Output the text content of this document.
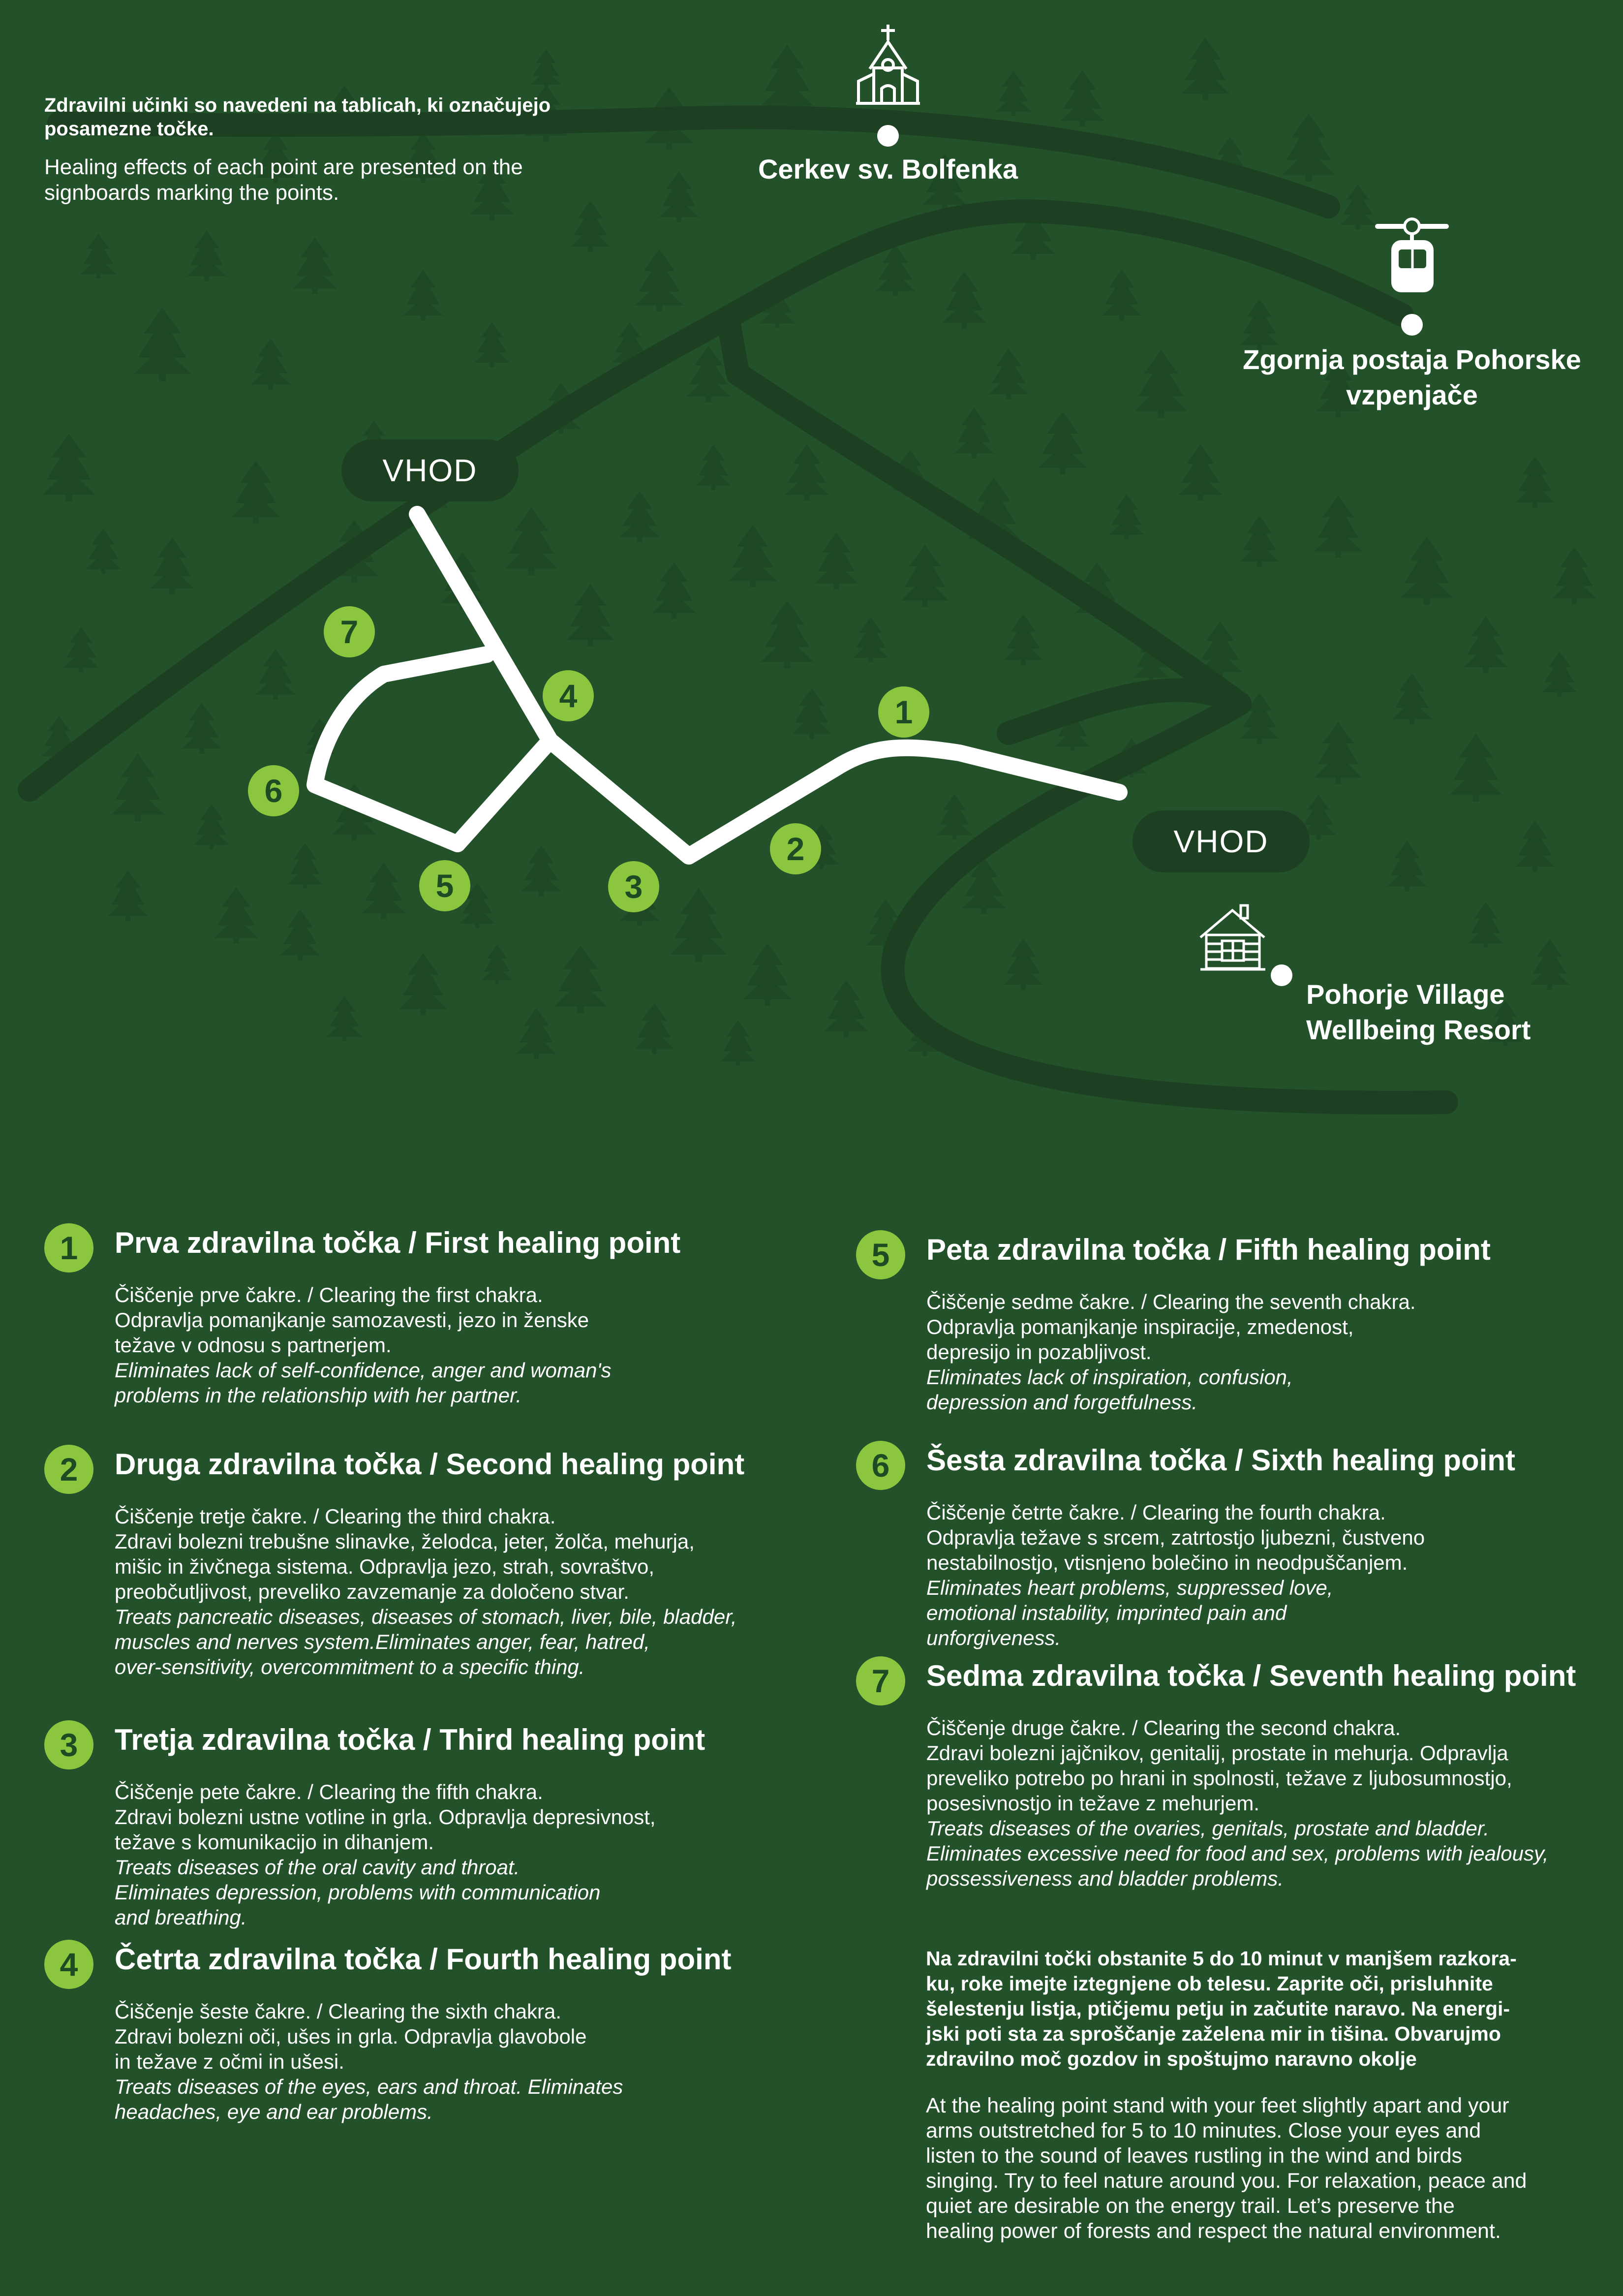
Zdravilni učinki so navedeni na tablicah, ki označujejo posamezne točke.

Healing effects of each point are presented on the signboards marking the points.

Cerkev sv. Bolfenka
Zgornja postaja Pohorske
vzpenjače
Pohorje Village
Wellbeing Resort
VHOD
VHOD
1
2
3
4
5
6
7
1	Prva zdravilna točka / First healing point

Čiščenje prve čakre. / Clearing the first chakra.
Odpravlja pomanjkanje samozavesti, jezo in ženske
težave v odnosu s partnerjem.

Eliminates lack of self-confidence, anger and woman's
problems in the relationship with her partner.

2	Druga zdravilna točka / Second healing point

Čiščenje tretje čakre. / Clearing the third chakra.
Zdravi bolezni trebušne slinavke, želodca, jeter, žolča, mehurja,
mišic in živčnega sistema. Odpravlja jezo, strah, sovraštvo,
preobčutljivost, preveliko zavzemanje za določeno stvar.

Treats pancreatic diseases, diseases of stomach, liver, bile, bladder,
muscles and nerves system.Eliminates anger, fear, hatred,
over-sensitivity, overcommitment to a specific thing.

3	Tretja zdravilna točka / Third healing point

Čiščenje pete čakre. / Clearing the fifth chakra.
Zdravi bolezni ustne votline in grla. Odpravlja depresivnost,
težave s komunikacijo in dihanjem.

Treats diseases of the oral cavity and throat.
Eliminates depression, problems with communication
and breathing.

4	Četrta zdravilna točka / Fourth healing point

Čiščenje šeste čakre. / Clearing the sixth chakra.
Zdravi bolezni oči, ušes in grla. Odpravlja glavobole
in težave z očmi in ušesi.

Treats diseases of the eyes, ears and throat. Eliminates
headaches, eye and ear problems.

5	Peta zdravilna točka / Fifth healing point

Čiščenje sedme čakre. / Clearing the seventh chakra.
Odpravlja pomanjkanje inspiracije, zmedenost,
depresijo in pozabljivost.

Eliminates lack of inspiration, confusion,
depression and forgetfulness.

6	Šesta zdravilna točka / Sixth healing point

Čiščenje četrte čakre. / Clearing the fourth chakra.
Odpravlja težave s srcem, zatrtostjo ljubezni, čustveno
nestabilnostjo, vtisnjeno bolečino in neodpuščanjem.

Eliminates heart problems, suppressed love,
emotional instability, imprinted pain and
unforgiveness.

7	Sedma zdravilna točka / Seventh healing point

Čiščenje druge čakre. / Clearing the second chakra.
Zdravi bolezni jajčnikov, genitalij, prostate in mehurja. Odpravlja
preveliko potrebo po hrani in spolnosti, težave z ljubosumnostjo,
posesivnostjo in težave z mehurjem.

Treats diseases of the ovaries, genitals, prostate and bladder.
Eliminates excessive need for food and sex, problems with jealousy,
possessiveness and bladder problems.

Na zdravilni točki obstanite 5 do 10 minut v manjšem razkora-
ku, roke imejte iztegnjene ob telesu. Zaprite oči, prisluhnite
šelestenju listja, ptičjemu petju in začutite naravo. Na energi-
jski poti sta za sproščanje zaželena mir in tišina. Obvarujmo
zdravilno moč gozdov in spoštujmo naravno okolje

At the healing point stand with your feet slightly apart and your
arms outstretched for 5 to 10 minutes. Close your eyes and
listen to the sound of leaves rustling in the wind and birds
singing. Try to feel nature around you. For relaxation, peace and
quiet are desirable on the energy trail. Let’s preserve the
healing power of forests and respect the natural environment.
